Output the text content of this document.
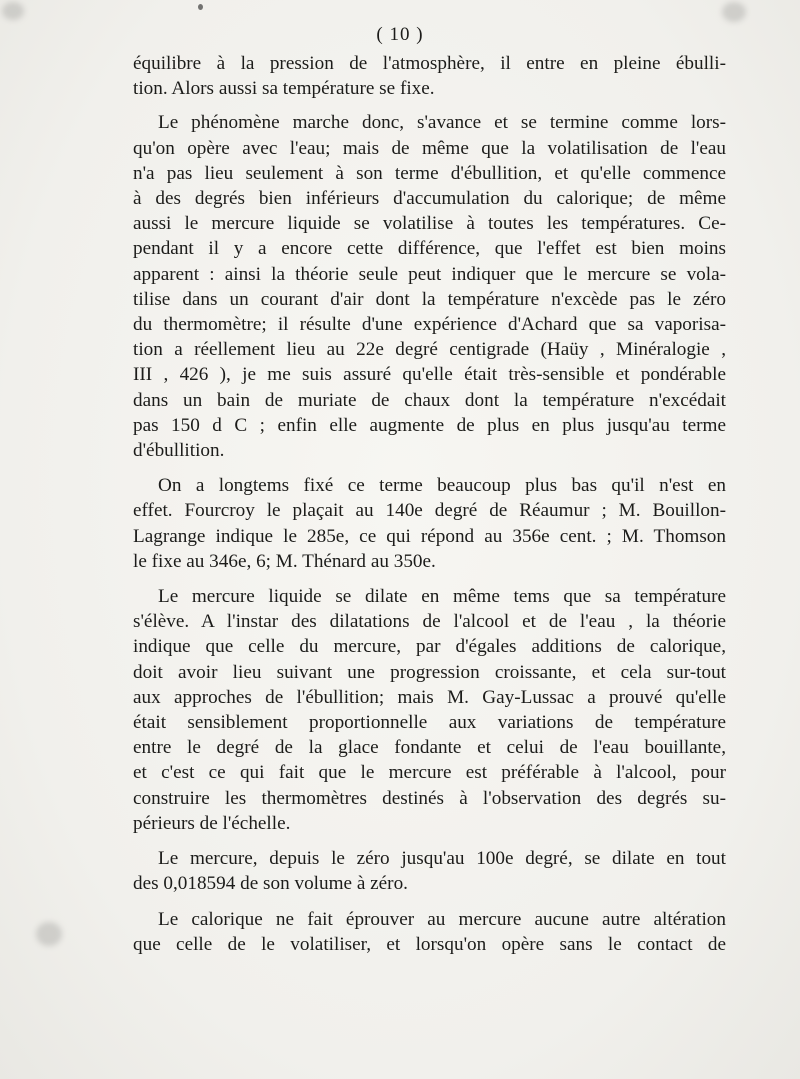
( 10 )

équilibre à la pression de l'atmosphère, il entre en pleine ébulli-
tion. Alors aussi sa température se fixe.

Le phénomène marche donc, s'avance et se termine comme lors-
qu'on opère avec l'eau; mais de même que la volatilisation de l'eau
n'a pas lieu seulement à son terme d'ébullition, et qu'elle commence
à des degrés bien inférieurs d'accumulation du calorique; de même
aussi le mercure liquide se volatilise à toutes les températures. Ce-
pendant il y a encore cette différence, que l'effet est bien moins
apparent : ainsi la théorie seule peut indiquer que le mercure se vola-
tilise dans un courant d'air dont la température n'excède pas le zéro
du thermomètre; il résulte d'une expérience d'Achard que sa vaporisa-
tion a réellement lieu au 22e degré centigrade (Haüy , Minéralogie ,
III , 426 ), je me suis assuré qu'elle était très-sensible et pondérable
dans un bain de muriate de chaux dont la température n'excédait
pas 150 d C ; enfin elle augmente de plus en plus jusqu'au terme
d'ébullition.

On a longtems fixé ce terme beaucoup plus bas qu'il n'est en
effet. Fourcroy le plaçait au 140e degré de Réaumur ; M. Bouillon-
Lagrange indique le 285e, ce qui répond au 356e cent. ; M. Thomson
le fixe au 346e, 6; M. Thénard au 350e.

Le mercure liquide se dilate en même tems que sa température
s'élève. A l'instar des dilatations de l'alcool et de l'eau , la théorie
indique que celle du mercure, par d'égales additions de calorique,
doit avoir lieu suivant une progression croissante, et cela sur-tout
aux approches de l'ébullition; mais M. Gay-Lussac a prouvé qu'elle
était sensiblement proportionnelle aux variations de température
entre le degré de la glace fondante et celui de l'eau bouillante,
et c'est ce qui fait que le mercure est préférable à l'alcool, pour
construire les thermomètres destinés à l'observation des degrés su-
périeurs de l'échelle.

Le mercure, depuis le zéro jusqu'au 100e degré, se dilate en tout
des 0,018594 de son volume à zéro.

Le calorique ne fait éprouver au mercure aucune autre altération
que celle de le volatiliser, et lorsqu'on opère sans le contact de
